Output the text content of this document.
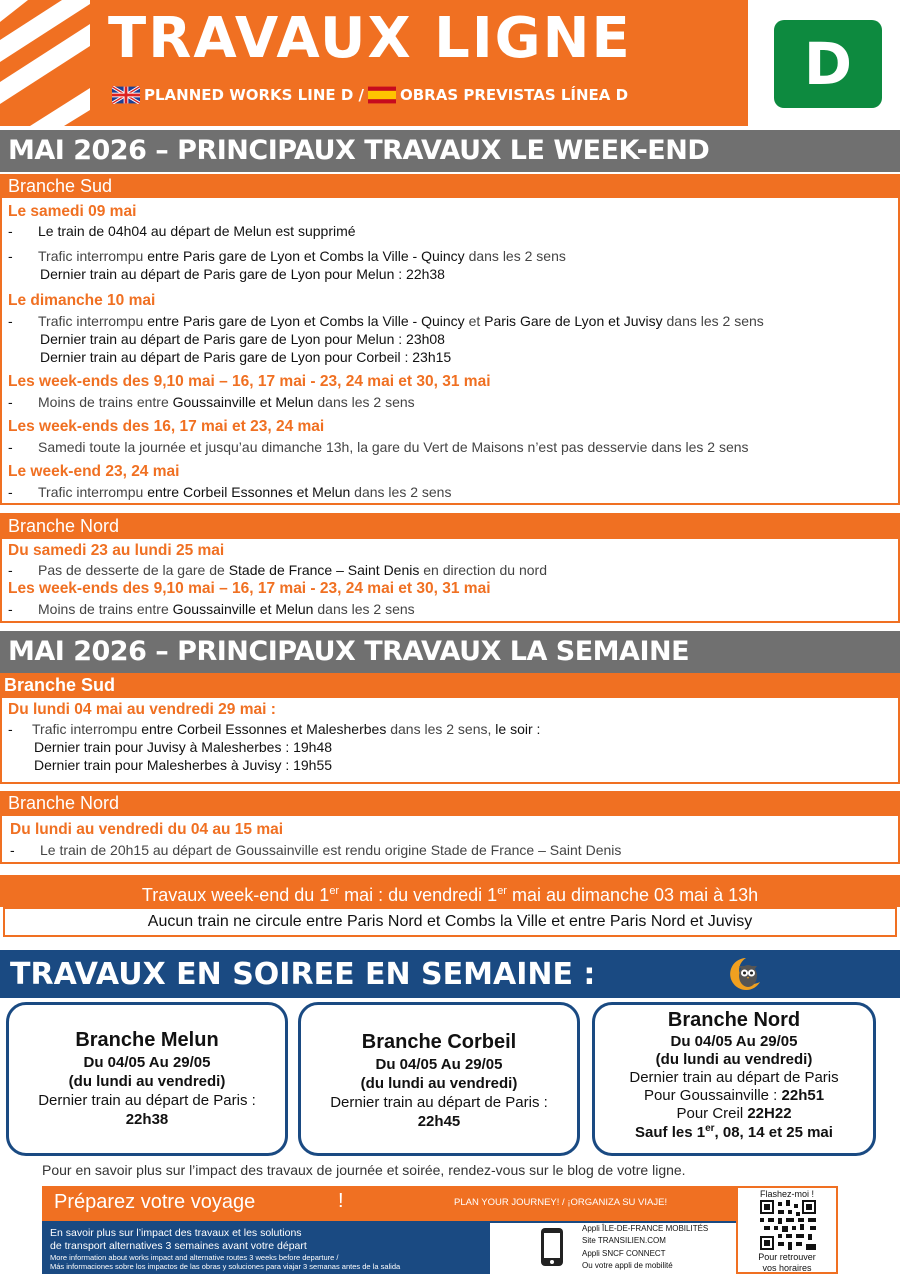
TRAVAUX LIGNE
PLANNED WORKS LINE D / OBRAS PREVISTAS LÍNEA D	D
MAI 2026 – PRINCIPAUX TRAVAUX LE WEEK-END
Branche Sud
Le samedi 09 mai
- Le train de 04h04 au départ de Melun est supprimé
- Trafic interrompu entre Paris gare de Lyon et Combs la Ville - Quincy dans les 2 sens
Dernier train au départ de Paris gare de Lyon pour Melun : 22h38
Le dimanche 10 mai
- Trafic interrompu entre Paris gare de Lyon et Combs la Ville - Quincy et Paris Gare de Lyon et Juvisy dans les 2 sens
Dernier train au départ de Paris gare de Lyon pour Melun : 23h08
Dernier train au départ de Paris gare de Lyon pour Corbeil : 23h15
Les week-ends des 9,10 mai – 16, 17 mai - 23, 24 mai et 30, 31 mai
- Moins de trains entre Goussainville et Melun dans les 2 sens
Les week-ends des 16, 17 mai et 23, 24 mai
- Samedi toute la journée et jusqu’au dimanche 13h, la gare du Vert de Maisons n’est pas desservie dans les 2 sens
Le week-end 23, 24 mai
- Trafic interrompu entre Corbeil Essonnes et Melun dans les 2 sens
Branche Nord
Du samedi 23 au lundi 25 mai
- Pas de desserte de la gare de Stade de France – Saint Denis en direction du nord
Les week-ends des 9,10 mai – 16, 17 mai - 23, 24 mai et 30, 31 mai
- Moins de trains entre Goussainville et Melun dans les 2 sens
MAI 2026 – PRINCIPAUX TRAVAUX LA SEMAINE
Branche Sud
Du lundi 04 mai au vendredi 29 mai :
- Trafic interrompu entre Corbeil Essonnes et Malesherbes dans les 2 sens, le soir :
Dernier train pour Juvisy à Malesherbes : 19h48
Dernier train pour Malesherbes à Juvisy : 19h55
Branche Nord
Du lundi au vendredi du 04 au 15 mai
- Le train de 20h15 au départ de Goussainville est rendu origine Stade de France – Saint Denis
Travaux week-end du 1er mai : du vendredi 1er mai au dimanche 03 mai à 13h
Aucun train ne circule entre Paris Nord et Combs la Ville et entre Paris Nord et Juvisy
TRAVAUX EN SOIREE EN SEMAINE :
Branche Melun
Du 04/05 Au 29/05
(du lundi au vendredi)
Dernier train au départ de Paris :
22h38
Branche Corbeil
Du 04/05 Au 29/05
(du lundi au vendredi)
Dernier train au départ de Paris :
22h45
Branche Nord
Du 04/05 Au 29/05
(du lundi au vendredi)
Dernier train au départ de Paris
Pour Goussainville : 22h51
Pour Creil 22H22
Sauf les 1er, 08, 14 et 25 mai
Pour en savoir plus sur l’impact des travaux de journée et soirée, rendez-vous sur le blog de votre ligne.
Préparez votre voyage	!	PLAN YOUR JOURNEY! / ¡ORGANIZA SU VIAJE!
En savoir plus sur l’impact des travaux et les solutions
de transport alternatives 3 semaines avant votre départ
More information about works impact and alternative routes 3 weeks before departure /
Más informaciones sobre los impactos de las obras y soluciones para viajar 3 semanas antes de la salida
Appli ÎLE-DE-FRANCE MOBILITÉS
Site TRANSILIEN.COM
Appli SNCF CONNECT
Ou votre appli de mobilité
Flashez-moi !
Pour retrouver
vos horaires
